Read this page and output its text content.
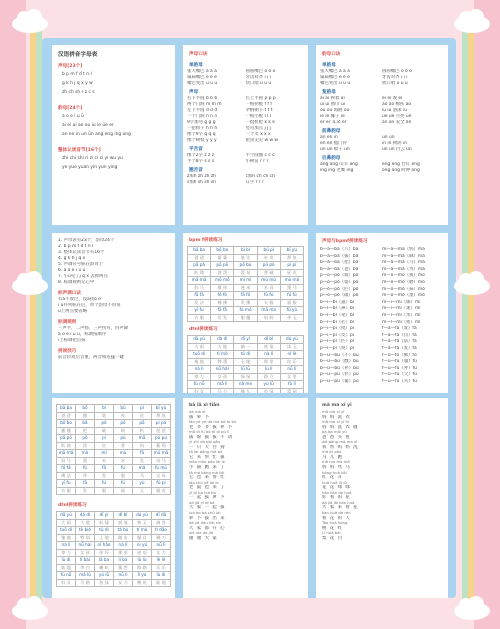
汉语拼音字母表
声母[23个]
b p m f d t n l
g k h j q x y w
zh ch sh r z c s
韵母[24个]
a o e i u ü
ai ei ui ao ou iu ie üe er
an en in un ün ang eng ing ong
整体认读音节[16个]
zhi chi shi ri zi ci si yi wu yu
ye yue yuan yin yun ying
声母口诀
单韵母
张大嘴巴 a a a	圆圆嘴巴 o o o
扁扁嘴巴 e e e	牙齿对齐 i i i
嘴巴突出 u u u	吹口哨 ü ü ü
声母
右下半圆 b b b	右上半圆 p p p
两个门洞 m m m	一根拐棍 f f f
左下半圆 d d d	伞柄朝下 t t t
一个门洞 n n n	一根小棍 l l l
9字加弯 g g g	一挺机枪 k k k
一把椅子 h h h	竖弯加点 j j j
像个9字 q q q	一个叉 x x x
像个树杈 y y y	屋顶尖尖 w w w
平舌音
像个2字 z z z	半个圆圈 c c c
半个8字 s s s	小树苗 r r r
翘舌音
z加h zh zh zh	c加h ch ch ch
s加h sh sh sh	日字 r r r
韵母口诀
单韵母
张大嘴巴 a a a	圆圆嘴巴 o o o
扁扁嘴巴 e e e	牙齿对齐 i i i
嘴巴突出 u u u	吹口哨 ü ü ü
复韵母
ai ai 挨着 ai	ei ei 诶 ei
ui ui 围巾 ui	ao ao 棉袄 ao
ou ou 海鸥 ou	iu iu 游泳 iu
ie ie 椰子 ie	üe üe 月亮 üe
er er 耳朵 er	an an 安全 an
前鼻韵母
an en in	un ün
en en 摁门铃	in in 树阴 in
un un 蚊子 un	ün ün 白云 ün
后鼻韵母
ang ang 山羊 ang	eng eng 台灯 eng
ing ing 老鹰 ing	ong ong 时钟 ong
1. 声母表有23个，韵母24个
2. b p m f d t n l
3. 整体认读音节有16个
4. g k h j q x
5. 声调符号标在韵母上
6. a o e i u ü
7. 小ü见了j q x 去掉两点
8. 标调规则记心中
标声调口诀
有a不放过，没a找o e
i u并列标在后，单个韵母不用说
ü上两点要省略
标调规则
一声平，二声扬，三声拐弯，四声降
a o e i u ü，标调按顺序
i上标调把点抹
拼读技巧
前音轻短后音重，两音相连猛一碰
bpm f拼读练习
bā ba	bō bo	bì bi	bǔ pí	bī yú
爸 爸	婆 婆	笔 比	补 皮	鼻 鱼
pā pǎ	pō pō	pō bù	pǔ pò	pì pǐ
趴 爬	坡 泼	泼 布	普 破	屁 皮
mā mǎ	mō mǒ	mí mǐ	mù mǔ	mò mǎ
妈 马	摸 抹	迷 米	木 母	墨 马
fā fǎ	fó fó	fā fó	fū fú	fú fú
发 法	佛 佛	发 佛	夫 服	福 服
yī fu	fā fā	fú mó	mā ma	fǔ yù
衣 服	发 发	服 魔	妈 妈	斧 玉
dtnl拼读练习
dā yǔ	dà dì	dī yí	dǐ bǐ	dú yù
大 雨	大 地	滴 一	底 笔	读 玉
tuō dì	tì mò	tǔ dì	nà lǐ	nǐ lè
拖 地	替 墨	土 地	那 里	你 乐
ná lì	nǚ hái	lǜ lǜ	lù lì	nǚ lǐ
拿 力	女 孩	绿 绿	路 立	女 里
fù nǚ	mǎ lì	nǎ me	yú lǜ	fù lǐ
妇 女	马 力	哪 么	鱼 绿	富 丽
声母与bpmf拼读练习
b—ā—bā（八）bā	m—ā—mā（妈）mā
b—á—bá（拔）bá	m—á—má（麻）má
b—ǎ—bǎ（把）bǎ	m—ǎ—mǎ（马）mǎ
b—à—bà（爸）bà	m—à—mà（骂）mà
p—ō—pō（坡）pō	m—ō—mō（摸）mō
p—ó—pó（婆）pó	m—ó—mó（磨）mó
p—ǒ—pǒ（叵）pǒ	m—ǒ—mǒ（抹）mǒ
p—ò—pò（破）pò	m—ò—mò（墨）mò
b—ī—bī（逼）bī	m—ī—mī（咪）mī
b—í—bí（鼻）bí	m—í—mí（迷）mí
b—ǐ—bǐ（笔）bǐ	m—ǐ—mǐ（米）mǐ
b—ì—bì（必）bì	m—ì—mì（密）mì
p—ī—pī（批）pī	f—ā—fā（发）fā
p—í—pí（皮）pí	f—á—fá（罚）fá
p—ǐ—pǐ（匹）pǐ	f—ǎ—fǎ（法）fǎ
p—ì—pì（屁）pì	f—à—fà（发）fà
b—ū—bū（不）bū	f—ō—fō（佛）fō
b—ú—bú（醭）bú	f—ú—fú（服）fú
b—ǔ—bǔ（补）bǔ	f—ǔ—fǔ（斧）fǔ
p—ū—pū（扑）pū	f—ù—fù（父）fù
p—ú—pú（葡）pú	f—ū—fū（夫）fū
bā ba	bō	bì	bǔ	pí	bī yú
爸 爸	播	笔	补	皮	鼻 鱼
bō bo	bǎ	pò	pō	pā	pí pá
播 播	把	破	坡	趴	琵 琶
pā pō	pō	pí	pǔ	mā	pú pú
趴 坡	泼	皮	普	妈	葡 萄
mā mǎ	mò	mǐ	mù	fā	mǔ mǎ
妈 马	墨	米	木	发	母 马
fó fǎ	fǔ	fā	fú	mǎ	fù mǔ
佛 法	斧	发	服	马	父 母
yī fu	fā	fú	fú	yù	fú pí
衣 服	发	服	福	玉	服 皮
dtnl拼读练习
dā yǔ	dà dì	dī yí	dǐ bǐ	dú yù	dī dā
大 雨	大 地	低 矮	抵 笔	独 玉	滴 答
tuō dì	tè bié	tǔ dì	tà bù	tí mù	tì dāo
拖 地	特 别	土 地	踏 步	题 目	剃 刀
ná lì	nǚ hái	nǐ hǎo	nà lǐ	nì yǔ	nǚ lì
拿 力	女 孩	你 好	那 里	逆 语	女 力
lù dì	lǐ bái	lǎ ba	lí ba	lù lù	lè lè
陆 地	李 白	喇 叭	篱 笆	路 路	乐 乐
fù nǚ	mǎ lù	yú lǜ	nǚ lì	lǐ yú	lù dì
妇 女	马 路	鱼 绿	女 力	鲤 鱼	陆 地
bā lā xì tiān
dà mǎ xì
拔 萝 卜
lǎo yé ye dà mǎ bō fù bǔ
老 爷 爷 拔 萝 卜
mǎ dì fù bó dì dì bù lì
拔 呀 拔 拔 不 动
yī zhī dà bái gǒu
一 只 大 白 狗
tā lái bāng mǎ bō
它 来 帮 忙 拔
xiǎo māo pǎo lái le
小 猫 跑 来 了
tā mǎ bāng mǎ bō
它 也 来 帮 忙
lǎo shǔ yě lái le
老 鼠 也 来 了
yī qǐ bá luó bo
一 起 拔 萝 卜
dà jiā yī qǐ bá
大 家 一 起 拔
luó bo bá chū lái
萝 卜 拔 出 来
dà jiā dōu kāi xīn
大 家 都 开 心
xiè xie dà jiā
谢 谢 大 家
mā ma xǐ yī
mā mā xǐ yī
妈 妈 洗 衣
mā ma xǐ yī fú
妈 妈 洗 衣 服
bà ba mǎi yú
爸 爸 买 鱼
wǒ bāng mā ma xǐ
我 帮 妈 妈 洗
mǎ ér pǎo
马 儿 跑
mā ma mà mǎ
妈 妈 骂 马
hóng huā kāi
红 花 开
huā huā lǜ lǜ
花 花 绿 绿
hǎo kàn de huā
好 看 的 花
dà jiā lái kàn huā
大 家 来 看 花
kàn huā de rén
看 花 的 人
Táo huā hóng
桃 花 红
Lí huā bái
梨 花 白
